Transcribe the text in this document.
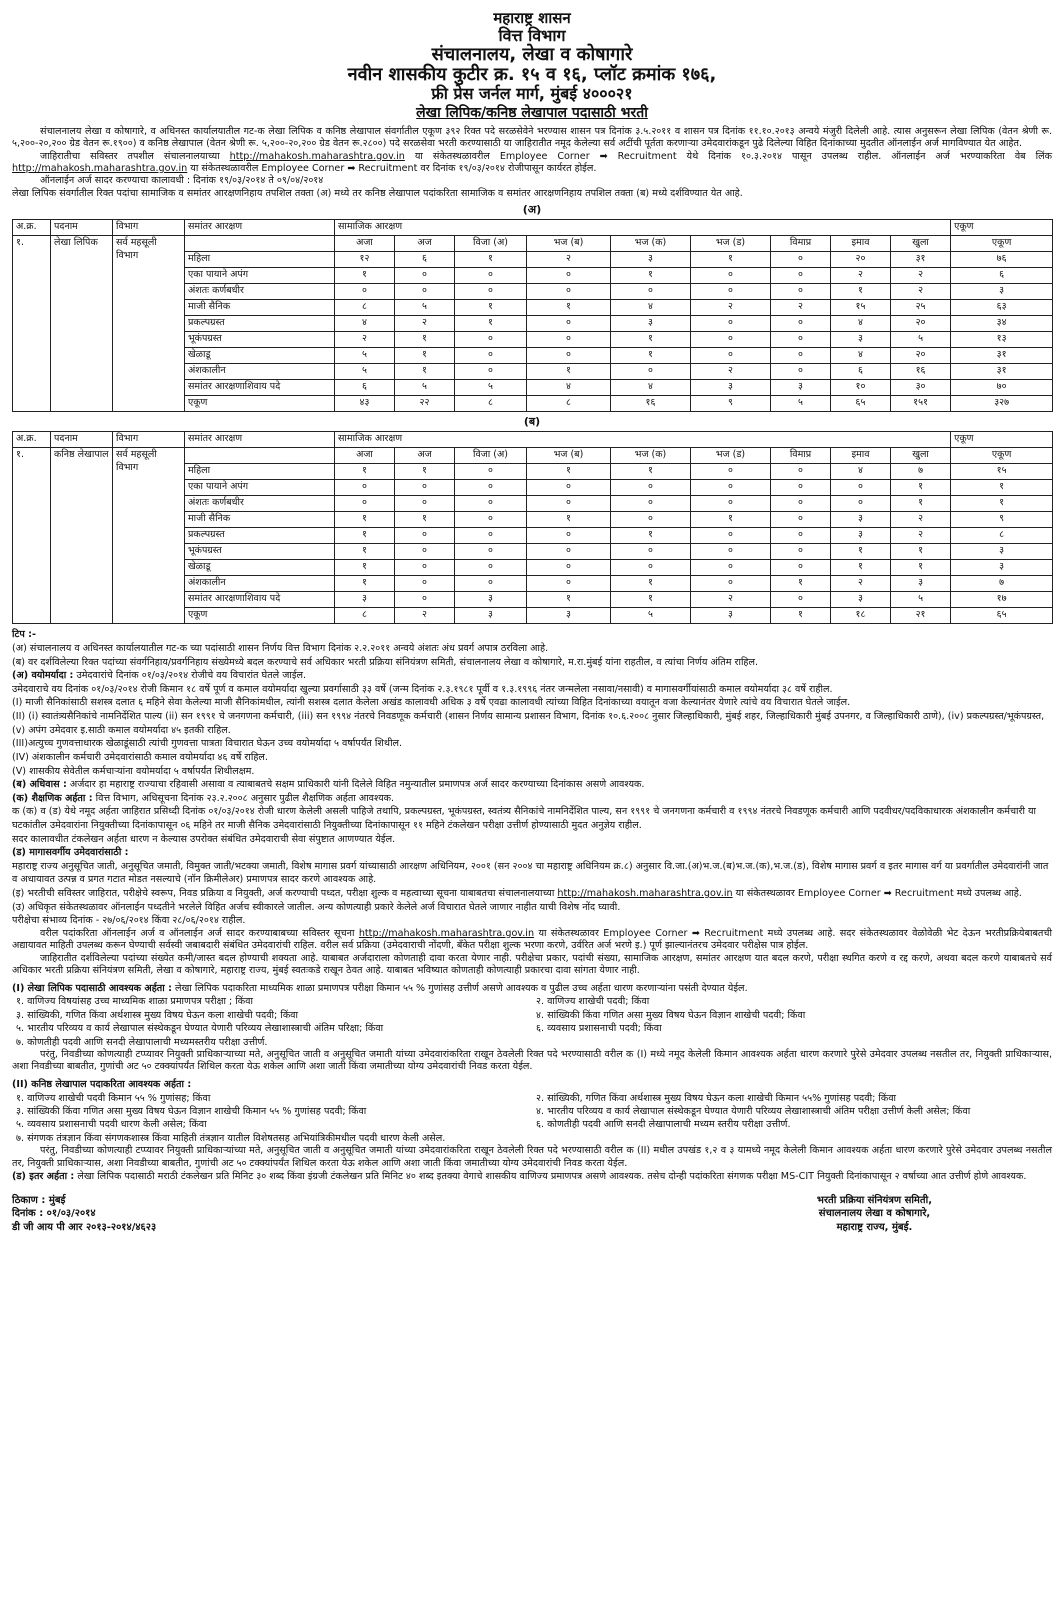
महाराष्ट्र शासन
वित्त विभाग
संचालनालय, लेखा व कोषागारे
नवीन शासकीय कुटीर क्र. १५ व १६, प्लॉट क्रमांक १७६,
फ्री प्रेस जर्नल मार्ग, मुंबई ४०००२१
लेखा लिपिक/कनिष्ठ लेखापाल पदासाठी भरती
संचालनालय लेखा व कोषागारे, व अधिनस्त कार्यालयातील गट-क लेखा लिपिक व कनिष्ठ लेखापाल संवर्गातील एकूण ३९२ रिक्त पदे सरळसेवेने भरण्यास शासन पत्र दिनांक ३.५.२०११ व शासन पत्र दिनांक ११.१०.२०१३ अन्वये मंजुरी दिलेली आहे. त्यास अनुसरून लेखा लिपिक (वेतन श्रेणी रू. ५,२००-२०,२०० ग्रेड वेतन रू.१९००) व कनिष्ठ लेखापाल (वेतन श्रेणी रू. ५,२००-२०,२०० ग्रेड वेतन रू.२८००) पदे सरळसेवा भरती करण्यासाठी या जाहिरातीत नमूद केलेल्या सर्व अटींची पूर्तता करणाऱ्या उमेदवारांकडून पुढे दिलेल्या विहित दिनांकाच्या मुदतीत ऑनलाईन अर्ज मागविण्यात येत आहेत.
जाहिरातीचा सविस्तर तपशील संचालनालयाच्या http://mahakosh.maharashtra.gov.in या संकेतस्थळावरील Employee Corner ➡ Recruitment येथे दिनांक १०.३.२०१४ पासून उपलब्ध राहील. ऑनलाईन अर्ज भरण्याकरिता वेब लिंक http://mahakosh.maharashtra.gov.in या संकेतस्थळावरील Employee Corner ➡ Recruitment वर दिनांक १९/०३/२०१४ रोजीपासून कार्यरत होईल.
ऑनलाईन अर्ज सादर करण्याचा कालावधी : दिनांक १९/०३/२०१४ ते ०९/०४/२०१४
लेखा लिपिक संवर्गातील रिक्त पदांचा सामाजिक व समांतर आरक्षणनिहाय तपशिल तक्ता (अ) मध्ये तर कनिष्ठ लेखापाल पदांकरिता सामाजिक व समांतर आरक्षणनिहाय तपशिल तक्ता (ब) मध्ये दर्शविण्यात येत आहे.
(अ)
अ.क्र.	पदनाम	विभाग	समांतर आरक्षण	सामाजिक आरक्षण									एकूण
१.	लेखा लिपिक	सर्व महसूली विभाग		अजा	अज	विजा (अ)	भज (ब)	भज (क)	भज (ड)	विमाप्र	इमाव	खुला	एकूण
			महिला	१२	६	१	२	३	१	०	२०	३१	७६
			एका पायाने अपंग	१	०	०	०	१	०	०	२	२	६
			अंशतः कर्णबधीर	०	०	०	०	०	०	०	१	२	३
			माजी सैनिक	८	५	१	१	४	२	२	१५	२५	६३
			प्रकल्पग्रस्त	४	२	१	०	३	०	०	४	२०	३४
			भूकंपग्रस्त	२	१	०	०	१	०	०	३	५	१३
			खेळाडू	५	१	०	०	१	०	०	४	२०	३१
			अंशकालीन	५	१	०	१	०	२	०	६	१६	३१
			समांतर आरक्षणाशिवाय पदे	६	५	५	४	४	३	३	१०	३०	७०
			एकूण	४३	२२	८	८	१६	९	५	६५	१५१	३२७
(ब)
अ.क्र.	पदनाम	विभाग	समांतर आरक्षण	सामाजिक आरक्षण									एकूण
१.	कनिष्ठ लेखापाल	सर्व महसूली विभाग		अजा	अज	विजा (अ)	भज (ब)	भज (क)	भज (ड)	विमाप्र	इमाव	खुला	एकूण
			महिला	१	१	०	१	१	०	०	४	७	१५
			एका पायाने अपंग	०	०	०	०	०	०	०	०	१	१
			अंशतः कर्णबधीर	०	०	०	०	०	०	०	०	१	१
			माजी सैनिक	१	१	०	१	०	१	०	३	२	९
			प्रकल्पग्रस्त	१	०	०	०	१	०	०	३	२	८
			भूकंपग्रस्त	१	०	०	०	०	०	०	१	१	३
			खेळाडू	१	०	०	०	०	०	०	१	१	३
			अंशकालीन	१	०	०	०	१	०	१	२	३	७
			समांतर आरक्षणाशिवाय पदे	३	०	३	१	१	२	०	३	५	१७
			एकूण	८	२	३	३	५	३	१	१८	२१	६५
टिप :-
(अ) संचालनालय व अधिनस्त कार्यालयातील गट-क च्या पदांसाठी शासन निर्णय वित्त विभाग दिनांक २.२.२०११ अन्वये अंशतः अंध प्रवर्ग अपात्र ठरविला आहे.
(ब) वर दर्शविलेल्या रिक्त पदांच्या संवर्गनिहाय/प्रवर्गनिहाय संख्येमध्ये बदल करण्याचे सर्व अधिकार भरती प्रक्रिया संनियंत्रण समिती, संचालनालय लेखा व कोषागारे, म.रा.मुंबई यांना राहतील, व त्यांचा निर्णय अंतिम राहिल.
(अ) वयोमर्यादा : उमेदवारांचे दिनांक ०१/०३/२०१४ रोजीचे वय विचारांत घेतले जाईल.
उमेदवाराचे वय दिनांक ०१/०३/२०१४ रोजी किमान १८ वर्षे पूर्ण व कमाल वयोमर्यादा खुल्या प्रवर्गासाठी ३३ वर्षे (जन्म दिनांक २.३.१९८१ पूर्वी व १.३.१९९६ नंतर जन्मलेला नसावा/नसावी) व मागासवर्गीयांसाठी कमाल वयोमर्यादा ३८ वर्षे राहील.
(I) माजी सैनिकांसाठी सशस्त्र दलात ६ महिने सेवा केलेल्या माजी सैनिकांमधील, त्यांनी सशस्त्र दलात केलेला अखंड कालावधी अधिक ३ वर्षे एवढा कालावधी त्यांच्या विहित दिनांकाच्या वयातून वजा केल्यानंतर येणारे त्यांचे वय विचारात घेतले जाईल.
(II) (i) स्वातंत्र्यसैनिकांचे नामनिर्देशित पाल्य (ii) सन १९९१ चे जनगणना कर्मचारी, (iii) सन १९९४ नंतरचे निवडणूक कर्मचारी (शासन निर्णय सामान्य प्रशासन विभाग, दिनांक १०.६.२००८ नुसार जिल्हाधिकारी, मुंबई शहर, जिल्हाधिकारी मुंबई उपनगर, व जिल्हाधिकारी ठाणे), (iv) प्रकल्पग्रस्त/भूकंपग्रस्त, (v) अपंग उमेदवार इ.साठी कमाल वयोमर्यादा ४५ इतकी राहिल.
(III)अत्युच्च गुणवत्ताधारक खेळाडूंसाठी त्यांची गुणवत्ता पात्रता विचारात घेऊन उच्च वयोमर्यादा ५ वर्षापर्यंत शिथील.
(IV) अंशकालीन कर्मचारी उमेदवारांसाठी कमाल वयोमर्यादा ४६ वर्षे राहिल.
(V) शासकीय सेवेतील कर्मचाऱ्यांना वयोमर्यादा ५ वर्षापर्यंत शिथीलक्षम.
(ब) अधिवास : अर्जदार हा महाराष्ट्र राज्याचा रहिवासी असावा व त्याबाबतचे सक्षम प्राधिकारी यांनी दिलेले विहित नमुन्यातील प्रमाणपत्र अर्ज सादर करण्याच्या दिनांकास असणे आवश्यक.
(क) शैक्षणिक अर्हता : वित्त विभाग, अधिसूचना दिनांक २३.२.२००८ अनुसार पुढील शैक्षणिक अर्हता आवश्यक.
क (क) व (ड) येथे नमूद अर्हता जाहिरात प्रसिध्दी दिनांक ०१/०३/२०१४ रोजी धारण केलेली असली पाहिजे तथापि, प्रकल्पग्रस्त, भूकंपग्रस्त, स्वतंत्र्य सैनिकांचे नामनिर्देशित पाल्य, सन १९९१ चे जनगणना कर्मचारी व १९९४ नंतरचे निवडणूक कर्मचारी आणि पदवीधर/पदविकाधारक अंशकालीन कर्मचारी या घटकांतील उमेदवारांना नियुक्तीच्या दिनांकापासून ०६ महिने तर माजी सैनिक उमेदवारांसाठी नियुक्तीच्या दिनांकापासून ११ महिने टंकलेखन परीक्षा उत्तीर्ण होण्यासाठी मुदत अनुज्ञेय राहील.
सदर कालावधीत टंकलेखन अर्हता धारण न केल्यास उपरोक्त संबंधित उमेदवाराची सेवा संपुष्टात आणण्यात येईल.
(ड) मागासवर्गीय उमेदवारांसाठी :
महाराष्ट्र राज्य अनुसूचित जाती, अनुसूचित जमाती, विमुक्त जाती/भटक्या जमाती, विशेष मागास प्रवर्ग यांच्यासाठी आरक्षण अधिनियम, २००१ (सन २००४ चा महाराष्ट्र अधिनियम क्र.८) अनुसार वि.जा.(अ)भ.ज.(ब)भ.ज.(क),भ.ज.(ड), विशेष मागास प्रवर्ग व इतर मागास वर्ग या प्रवर्गातील उमेदवारांनी जात व अधायावत उत्पन्न व प्रगत गटात मोडत नसल्याचे (नॉन क्रिमीलेअर) प्रमाणपत्र सादर करणे आवश्यक आहे.
(इ) भरतीची सविस्तर जाहिरात, परीक्षेचे स्वरूप, निवड प्रक्रिया व नियुक्ती, अर्ज करण्याची पध्दत, परीक्षा शुल्क व महत्वाच्या सूचना याबाबतचा संचालनालयाच्या http://mahakosh.maharashtra.gov.in या संकेतस्थळावर Employee Corner ➡ Recruitment मध्ये उपलब्ध आहे.
(उ) अधिकृत संकेतस्थळावर ऑनलाईन पध्दतीने भरलेले विहित अर्जच स्वीकारले जातील. अन्य कोणत्याही प्रकारे केलेले अर्ज विचारात घेतले जाणार नाहीत याची विशेष नोंद घ्यावी.
परीक्षेचा संभाव्य दिनांक - २७/०६/२०१४ किंवा २८/०६/२०१४ राहील.
वरील पदांकरिता ऑनलाईन अर्ज व ऑनलाईन अर्ज सादर करण्याबाबच्या सविस्तर सूचना http://mahakosh.maharashtra.gov.in या संकेतस्थळावर Employee Corner ➡ Recruitment मध्ये उपलब्ध आहे. सदर संकेतस्थळावर वेळोवेळी भेट देऊन भरतीप्रक्रियेबाबतची अद्यायावत माहिती उपलब्ध करून घेण्याची सर्वस्वी जबाबदारी संबंधित उमेदवारांची राहिल. वरील सर्व प्रक्रिया (उमेदवाराची नोंदणी, बँकेत परीक्षा शुल्क भरणा करणे, उर्वरित अर्ज भरणे इ.) पूर्ण झाल्यानंतरच उमेदवार परीक्षेस पात्र होईल.
जाहिरातीत दर्शविलेल्या पदांच्या संख्येत कमी/जास्त बदल होण्याची शक्यता आहे. याबाबत अर्जदाराला कोणताही दावा करता येणार नाही. परीक्षेचा प्रकार, पदांची संख्या, सामाजिक आरक्षण, समांतर आरक्षण यात बदल करणे, परीक्षा स्थगित करणे व रद्द करणे, अथवा बदल करणे याबाबतचे सर्व अधिकार भरती प्रक्रिया संनियंत्रण समिती, लेखा व कोषागारे, महाराष्ट्र राज्य, मुंबई स्वतःकडे राखून ठेवत आहे. याबाबत भविष्यात कोणताही कोणत्याही प्रकारचा दावा सांगता येणार नाही.
(I) लेखा लिपिक पदासाठी आवश्यक अर्हता : लेखा लिपिक पदाकरिता माध्यमिक शाळा प्रमाणपत्र परीक्षा किमान ५५ % गुणांसह उत्तीर्ण असणे आवश्यक व पुढील उच्च अर्हता धारण करणाऱ्यांना पसंती देण्यात येईल.
१. वाणिज्य विषयांसह उच्च माध्यमिक शाळा प्रमाणपत्र परीक्षा ; किंवा	२. वाणिज्य शाखेची पदवी; किंवा
३. सांख्यिकी, गणित किंवा अर्थशास्त्र मुख्य विषय घेऊन कला शाखेची पदवी; किंवा	४. सांख्यिकी किंवा गणित असा मुख्य विषय घेऊन विज्ञान शाखेची पदवी; किंवा
५. भारतीय परिव्यय व कार्य लेखापाल संस्थेकडून घेण्यात येणारी परिव्यय लेखाशास्त्राची अंतिम परिक्षा; किंवा	६. व्यवसाय प्रशासनाची पदवी; किंवा
७. कोणतीही पदवी आणि सनदी लेखापालाची मध्यमस्तरीय परीक्षा उत्तीर्ण.
परंतु, निवडीच्या कोणत्याही टप्प्यावर नियुक्ती प्राधिकाऱ्याच्या मते, अनुसूचित जाती व अनुसूचित जमाती यांच्या उमेदवारांकरिता राखून ठेवलेली रिक्त पदे भरण्यासाठी वरील क (I) मध्ये नमूद केलेली किमान आवश्यक अर्हता धारण करणारे पुरेसे उमेदवार उपलब्ध नसतील तर, नियुक्ती प्राधिकाऱ्यास, अशा निवडीच्या बाबतीत, गुणांची अट ५० टक्क्यांपर्यंत शिथिल करता येऊ शकेल आणि अशा जाती किंवा जमातीच्या योग्य उमेदवारांची निवड करता येईल.
(II) कनिष्ठ लेखापाल पदाकरिता आवश्यक अर्हता :
१. वाणिज्य शाखेची पदवी किमान ५५ % गुणांसह; किंवा	२. सांख्यिकी, गणित किंवा अर्थशास्त्र मुख्य विषय घेऊन कला शाखेची किमान ५५% गुणांसह पदवी; किंवा
३. सांख्यिकी किंवा गणित असा मुख्य विषय घेऊन विज्ञान शाखेची किमान ५५ % गुणांसह पदवी; किंवा	४. भारतीय परिव्यय व कार्य लेखापाल संस्थेकडून घेण्यात येणारी परिव्यय लेखाशास्त्राची अंतिम परीक्षा उत्तीर्ण केली असेल; किंवा
५. व्यवसाय प्रशासनाची पदवी धारण केली असेल; किंवा	६. कोणतीही पदवी आणि सनदी लेखापालाची मध्यम स्तरीय परीक्षा उत्तीर्ण.
७. संगणक तंत्रज्ञान किंवा संगणकशास्त्र किंवा माहिती तंत्रज्ञान यातील विशेषतसह अभियांत्रिकीमधील पदवी धारण केली असेल.
परंतु, निवडीच्या कोणत्याही टप्प्यावर नियुक्ती प्राधिकाऱ्यांच्या मते, अनुसूचित जाती व अनुसूचित जमाती यांच्या उमेदवारांकरिता राखून ठेवलेली रिक्त पदे भरण्यासाठी वरील क (II) मधील उपखंड १,२ व ३ यामध्ये नमूद केलेली किमान आवश्यक अर्हता धारण करणारे पुरेसे उमेदवार उपलब्ध नसतील तर, नियुक्ती प्राधिकाऱ्यास, अशा निवडीच्या बाबतीत, गुणांची अट ५० टक्क्यांपर्यंत शिथिल करता येऊ शकेल आणि अशा जाती किंवा जमातीच्या योग्य उमेदवारांची निवड करता येईल.
(ड) इतर अर्हता : लेखा लिपिक पदासाठी मराठी टंकलेखन प्रति मिनिट ३० शब्द किंवा इंग्रजी टंकलेखन प्रति मिनिट ४० शब्द इतक्या वेगाचे शासकीय वाणिज्य प्रमाणपत्र असणे आवश्यक. तसेच दोन्ही पदांकरिता संगणक परीक्षा MS-CIT नियुक्ती दिनांकापासून २ वर्षाच्या आत उत्तीर्ण होणे आवश्यक.
ठिकाण : मुंबई
दिनांक : ०१/०३/२०१४
डी जी आय पी आर २०१३-२०१४/४६२३
भरती प्रक्रिया संनियंत्रण समिती,
संचालनालय लेखा व कोषागारे,
महाराष्ट्र राज्य, मुंबई.
